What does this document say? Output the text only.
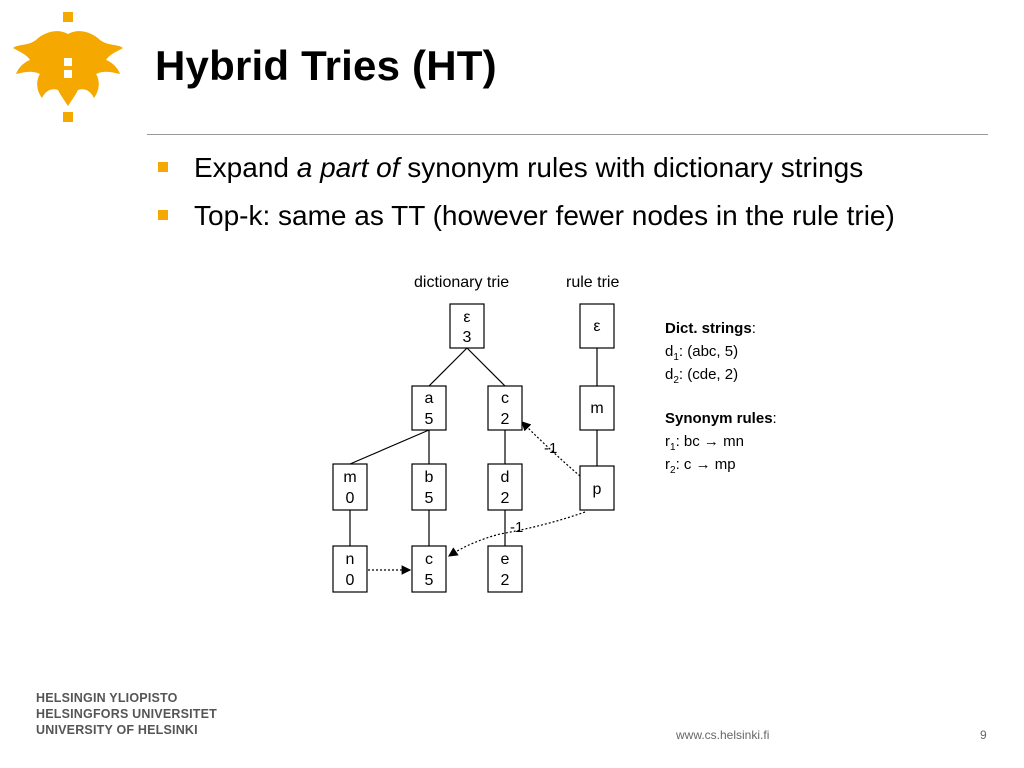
Hybrid Tries (HT)
Expand a part of synonym rules with dictionary strings
Top-k: same as TT (however fewer nodes in the rule trie)
dictionary trie	rule trie
-1
-1
ε
3
a
5
c
2
m
0
b
5
d
2
n
0
c
5
e
2
ε
m
p
Dict. strings:
$d_1$: (abc, 5)
$d_2$: (cde, 2)
Synonym rules:
$r_1$: bc → mn
$r_2$: c → mp
HELSINGIN YLIOPISTO
HELSINGFORS UNIVERSITET
UNIVERSITY OF HELSINKI	www.cs.helsinki.fi	9
